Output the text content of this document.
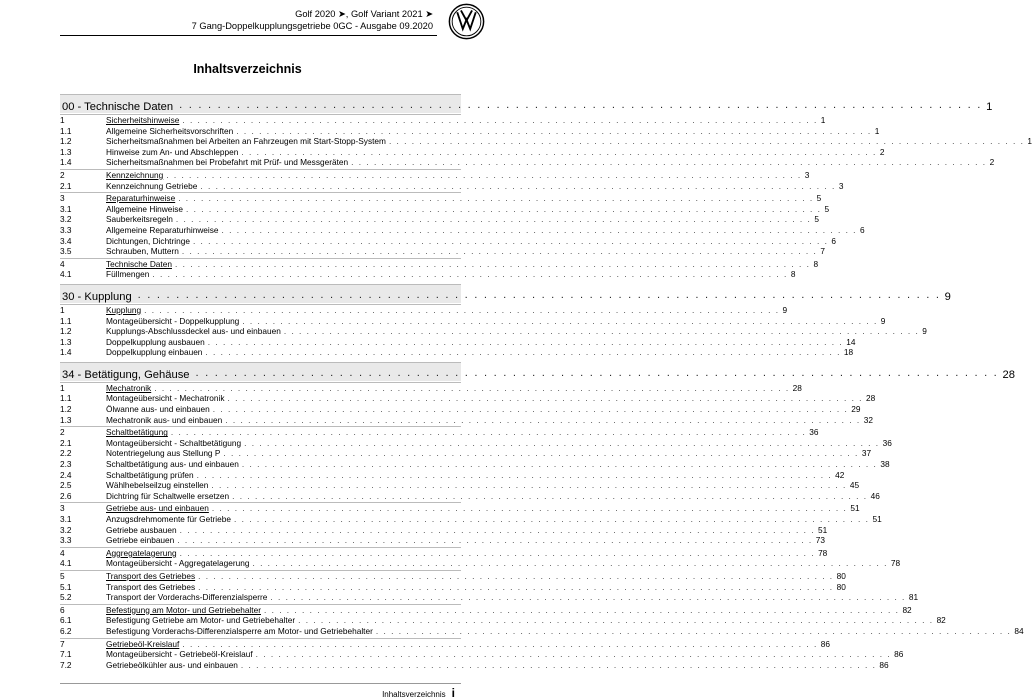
Golf 2020 ➤, Golf Variant 2021 ➤
7 Gang-Doppelkupplungsgetriebe 0GC - Ausgabe 09.2020
Inhaltsverzeichnis
00 - Technische Daten . . . . . . . . . . . . . . . . . . . . . . . . . . . . . . . . . . . . . . . . . . . . . . . . . . . . . . . . . . . . . . . . . . . . . . . . . . . . . . . . . . . . 1
1	Sicherheitshinweise . . . . . . . . . . . . . . . . . . . . . . . . . . . . . . . . . . . . . . . . . . . . . . . . . . . . . . . . . . . . . . . . . . . . . . . . . . . . . . . . . . . . 1
1.1	Allgemeine Sicherheitsvorschriften . . . . . . . . . . . . . . . . . . . . . . . . . . . . . . . . . . . . . . . . . . . . . . . . . . . . . . . . . . . . . . . . . . . . . . . . . . . . . . . . . . . . 1
1.2	Sicherheitsmaßnahmen bei Arbeiten an Fahrzeugen mit Start-Stopp-System . . . . . . . . . . . . . . . . . . . . . . . . . . . . . . . . . . . . . . . . . . . . . . . . . . . . . . . . . . . . . . . . . . . . . . . . . . . . . . . . . . . . 1
1.3	Hinweise zum An- und Abschleppen . . . . . . . . . . . . . . . . . . . . . . . . . . . . . . . . . . . . . . . . . . . . . . . . . . . . . . . . . . . . . . . . . . . . . . . . . . . . . . . . . . . . 2
1.4	Sicherheitsmaßnahmen bei Probefahrt mit Prüf- und Messgeräten . . . . . . . . . . . . . . . . . . . . . . . . . . . . . . . . . . . . . . . . . . . . . . . . . . . . . . . . . . . . . . . . . . . . . . . . . . . . . . . . . . . . 2
2	Kennzeichnung . . . . . . . . . . . . . . . . . . . . . . . . . . . . . . . . . . . . . . . . . . . . . . . . . . . . . . . . . . . . . . . . . . . . . . . . . . . . . . . . . . . . 3
2.1	Kennzeichnung Getriebe . . . . . . . . . . . . . . . . . . . . . . . . . . . . . . . . . . . . . . . . . . . . . . . . . . . . . . . . . . . . . . . . . . . . . . . . . . . . . . . . . . . . 3
3	Reparaturhinweise . . . . . . . . . . . . . . . . . . . . . . . . . . . . . . . . . . . . . . . . . . . . . . . . . . . . . . . . . . . . . . . . . . . . . . . . . . . . . . . . . . . . 5
3.1	Allgemeine Hinweise . . . . . . . . . . . . . . . . . . . . . . . . . . . . . . . . . . . . . . . . . . . . . . . . . . . . . . . . . . . . . . . . . . . . . . . . . . . . . . . . . . . . 5
3.2	Sauberkeitsregeln . . . . . . . . . . . . . . . . . . . . . . . . . . . . . . . . . . . . . . . . . . . . . . . . . . . . . . . . . . . . . . . . . . . . . . . . . . . . . . . . . . . . 5
3.3	Allgemeine Reparaturhinweise . . . . . . . . . . . . . . . . . . . . . . . . . . . . . . . . . . . . . . . . . . . . . . . . . . . . . . . . . . . . . . . . . . . . . . . . . . . . . . . . . . . . 6
3.4	Dichtungen, Dichtringe . . . . . . . . . . . . . . . . . . . . . . . . . . . . . . . . . . . . . . . . . . . . . . . . . . . . . . . . . . . . . . . . . . . . . . . . . . . . . . . . . . . . 6
3.5	Schrauben, Muttern . . . . . . . . . . . . . . . . . . . . . . . . . . . . . . . . . . . . . . . . . . . . . . . . . . . . . . . . . . . . . . . . . . . . . . . . . . . . . . . . . . . . 7
4	Technische Daten . . . . . . . . . . . . . . . . . . . . . . . . . . . . . . . . . . . . . . . . . . . . . . . . . . . . . . . . . . . . . . . . . . . . . . . . . . . . . . . . . . . . 8
4.1	Füllmengen . . . . . . . . . . . . . . . . . . . . . . . . . . . . . . . . . . . . . . . . . . . . . . . . . . . . . . . . . . . . . . . . . . . . . . . . . . . . . . . . . . . . 8
30 - Kupplung . . . . . . . . . . . . . . . . . . . . . . . . . . . . . . . . . . . . . . . . . . . . . . . . . . . . . . . . . . . . . . . . . . . . . . . . . . . . . . . . . . . . 9
1	Kupplung . . . . . . . . . . . . . . . . . . . . . . . . . . . . . . . . . . . . . . . . . . . . . . . . . . . . . . . . . . . . . . . . . . . . . . . . . . . . . . . . . . . . 9
1.1	Montageübersicht - Doppelkupplung . . . . . . . . . . . . . . . . . . . . . . . . . . . . . . . . . . . . . . . . . . . . . . . . . . . . . . . . . . . . . . . . . . . . . . . . . . . . . . . . . . . . 9
1.2	Kupplungs-Abschlussdeckel aus- und einbauen . . . . . . . . . . . . . . . . . . . . . . . . . . . . . . . . . . . . . . . . . . . . . . . . . . . . . . . . . . . . . . . . . . . . . . . . . . . . . . . . . . . . 9
1.3	Doppelkupplung ausbauen . . . . . . . . . . . . . . . . . . . . . . . . . . . . . . . . . . . . . . . . . . . . . . . . . . . . . . . . . . . . . . . . . . . . . . . . . . . . . . . . . . . . 14
1.4	Doppelkupplung einbauen . . . . . . . . . . . . . . . . . . . . . . . . . . . . . . . . . . . . . . . . . . . . . . . . . . . . . . . . . . . . . . . . . . . . . . . . . . . . . . . . . . . . 18
34 - Betätigung, Gehäuse . . . . . . . . . . . . . . . . . . . . . . . . . . . . . . . . . . . . . . . . . . . . . . . . . . . . . . . . . . . . . . . . . . . . . . . . . . . . . . . . . . . . 28
1	Mechatronik . . . . . . . . . . . . . . . . . . . . . . . . . . . . . . . . . . . . . . . . . . . . . . . . . . . . . . . . . . . . . . . . . . . . . . . . . . . . . . . . . . . . 28
1.1	Montageübersicht - Mechatronik . . . . . . . . . . . . . . . . . . . . . . . . . . . . . . . . . . . . . . . . . . . . . . . . . . . . . . . . . . . . . . . . . . . . . . . . . . . . . . . . . . . . 28
1.2	Ölwanne aus- und einbauen . . . . . . . . . . . . . . . . . . . . . . . . . . . . . . . . . . . . . . . . . . . . . . . . . . . . . . . . . . . . . . . . . . . . . . . . . . . . . . . . . . . . 29
1.3	Mechatronik aus- und einbauen . . . . . . . . . . . . . . . . . . . . . . . . . . . . . . . . . . . . . . . . . . . . . . . . . . . . . . . . . . . . . . . . . . . . . . . . . . . . . . . . . . . . 32
2	Schaltbetätigung . . . . . . . . . . . . . . . . . . . . . . . . . . . . . . . . . . . . . . . . . . . . . . . . . . . . . . . . . . . . . . . . . . . . . . . . . . . . . . . . . . . . 36
2.1	Montageübersicht - Schaltbetätigung . . . . . . . . . . . . . . . . . . . . . . . . . . . . . . . . . . . . . . . . . . . . . . . . . . . . . . . . . . . . . . . . . . . . . . . . . . . . . . . . . . . . 36
2.2	Notentriegelung aus Stellung P . . . . . . . . . . . . . . . . . . . . . . . . . . . . . . . . . . . . . . . . . . . . . . . . . . . . . . . . . . . . . . . . . . . . . . . . . . . . . . . . . . . . 37
2.3	Schaltbetätigung aus- und einbauen . . . . . . . . . . . . . . . . . . . . . . . . . . . . . . . . . . . . . . . . . . . . . . . . . . . . . . . . . . . . . . . . . . . . . . . . . . . . . . . . . . . . 38
2.4	Schaltbetätigung prüfen . . . . . . . . . . . . . . . . . . . . . . . . . . . . . . . . . . . . . . . . . . . . . . . . . . . . . . . . . . . . . . . . . . . . . . . . . . . . . . . . . . . . 42
2.5	Wählhebelseilzug einstellen . . . . . . . . . . . . . . . . . . . . . . . . . . . . . . . . . . . . . . . . . . . . . . . . . . . . . . . . . . . . . . . . . . . . . . . . . . . . . . . . . . . . 45
2.6	Dichtring für Schaltwelle ersetzen . . . . . . . . . . . . . . . . . . . . . . . . . . . . . . . . . . . . . . . . . . . . . . . . . . . . . . . . . . . . . . . . . . . . . . . . . . . . . . . . . . . . 46
3	Getriebe aus- und einbauen . . . . . . . . . . . . . . . . . . . . . . . . . . . . . . . . . . . . . . . . . . . . . . . . . . . . . . . . . . . . . . . . . . . . . . . . . . . . . . . . . . . . 51
3.1	Anzugsdrehmomente für Getriebe . . . . . . . . . . . . . . . . . . . . . . . . . . . . . . . . . . . . . . . . . . . . . . . . . . . . . . . . . . . . . . . . . . . . . . . . . . . . . . . . . . . . 51
3.2	Getriebe ausbauen . . . . . . . . . . . . . . . . . . . . . . . . . . . . . . . . . . . . . . . . . . . . . . . . . . . . . . . . . . . . . . . . . . . . . . . . . . . . . . . . . . . . 51
3.3	Getriebe einbauen . . . . . . . . . . . . . . . . . . . . . . . . . . . . . . . . . . . . . . . . . . . . . . . . . . . . . . . . . . . . . . . . . . . . . . . . . . . . . . . . . . . . 73
4	Aggregatelagerung . . . . . . . . . . . . . . . . . . . . . . . . . . . . . . . . . . . . . . . . . . . . . . . . . . . . . . . . . . . . . . . . . . . . . . . . . . . . . . . . . . . . 78
4.1	Montageübersicht - Aggregatelagerung . . . . . . . . . . . . . . . . . . . . . . . . . . . . . . . . . . . . . . . . . . . . . . . . . . . . . . . . . . . . . . . . . . . . . . . . . . . . . . . . . . . . 78
5	Transport des Getriebes . . . . . . . . . . . . . . . . . . . . . . . . . . . . . . . . . . . . . . . . . . . . . . . . . . . . . . . . . . . . . . . . . . . . . . . . . . . . . . . . . . . . 80
5.1	Transport des Getriebes . . . . . . . . . . . . . . . . . . . . . . . . . . . . . . . . . . . . . . . . . . . . . . . . . . . . . . . . . . . . . . . . . . . . . . . . . . . . . . . . . . . . 80
5.2	Transport der Vorderachs-Differenzialsperre . . . . . . . . . . . . . . . . . . . . . . . . . . . . . . . . . . . . . . . . . . . . . . . . . . . . . . . . . . . . . . . . . . . . . . . . . . . . . . . . . . . . 81
6	Befestigung am Motor- und Getriebehalter . . . . . . . . . . . . . . . . . . . . . . . . . . . . . . . . . . . . . . . . . . . . . . . . . . . . . . . . . . . . . . . . . . . . . . . . . . . . . . . . . . . . 82
6.1	Befestigung Getriebe am Motor- und Getriebehalter . . . . . . . . . . . . . . . . . . . . . . . . . . . . . . . . . . . . . . . . . . . . . . . . . . . . . . . . . . . . . . . . . . . . . . . . . . . . . . . . . . . . 82
6.2	Befestigung Vorderachs-Differenzialsperre am Motor- und Getriebehalter . . . . . . . . . . . . . . . . . . . . . . . . . . . . . . . . . . . . . . . . . . . . . . . . . . . . . . . . . . . . . . . . . . . . . . . . . . . . . . . . . . . . 84
7	Getriebeöl-Kreislauf . . . . . . . . . . . . . . . . . . . . . . . . . . . . . . . . . . . . . . . . . . . . . . . . . . . . . . . . . . . . . . . . . . . . . . . . . . . . . . . . . . . . 86
7.1	Montageübersicht - Getriebeöl-Kreislauf . . . . . . . . . . . . . . . . . . . . . . . . . . . . . . . . . . . . . . . . . . . . . . . . . . . . . . . . . . . . . . . . . . . . . . . . . . . . . . . . . . . . 86
7.2	Getriebeölkühler aus- und einbauen . . . . . . . . . . . . . . . . . . . . . . . . . . . . . . . . . . . . . . . . . . . . . . . . . . . . . . . . . . . . . . . . . . . . . . . . . . . . . . . . . . . . 86
Inhaltsverzeichnis i
